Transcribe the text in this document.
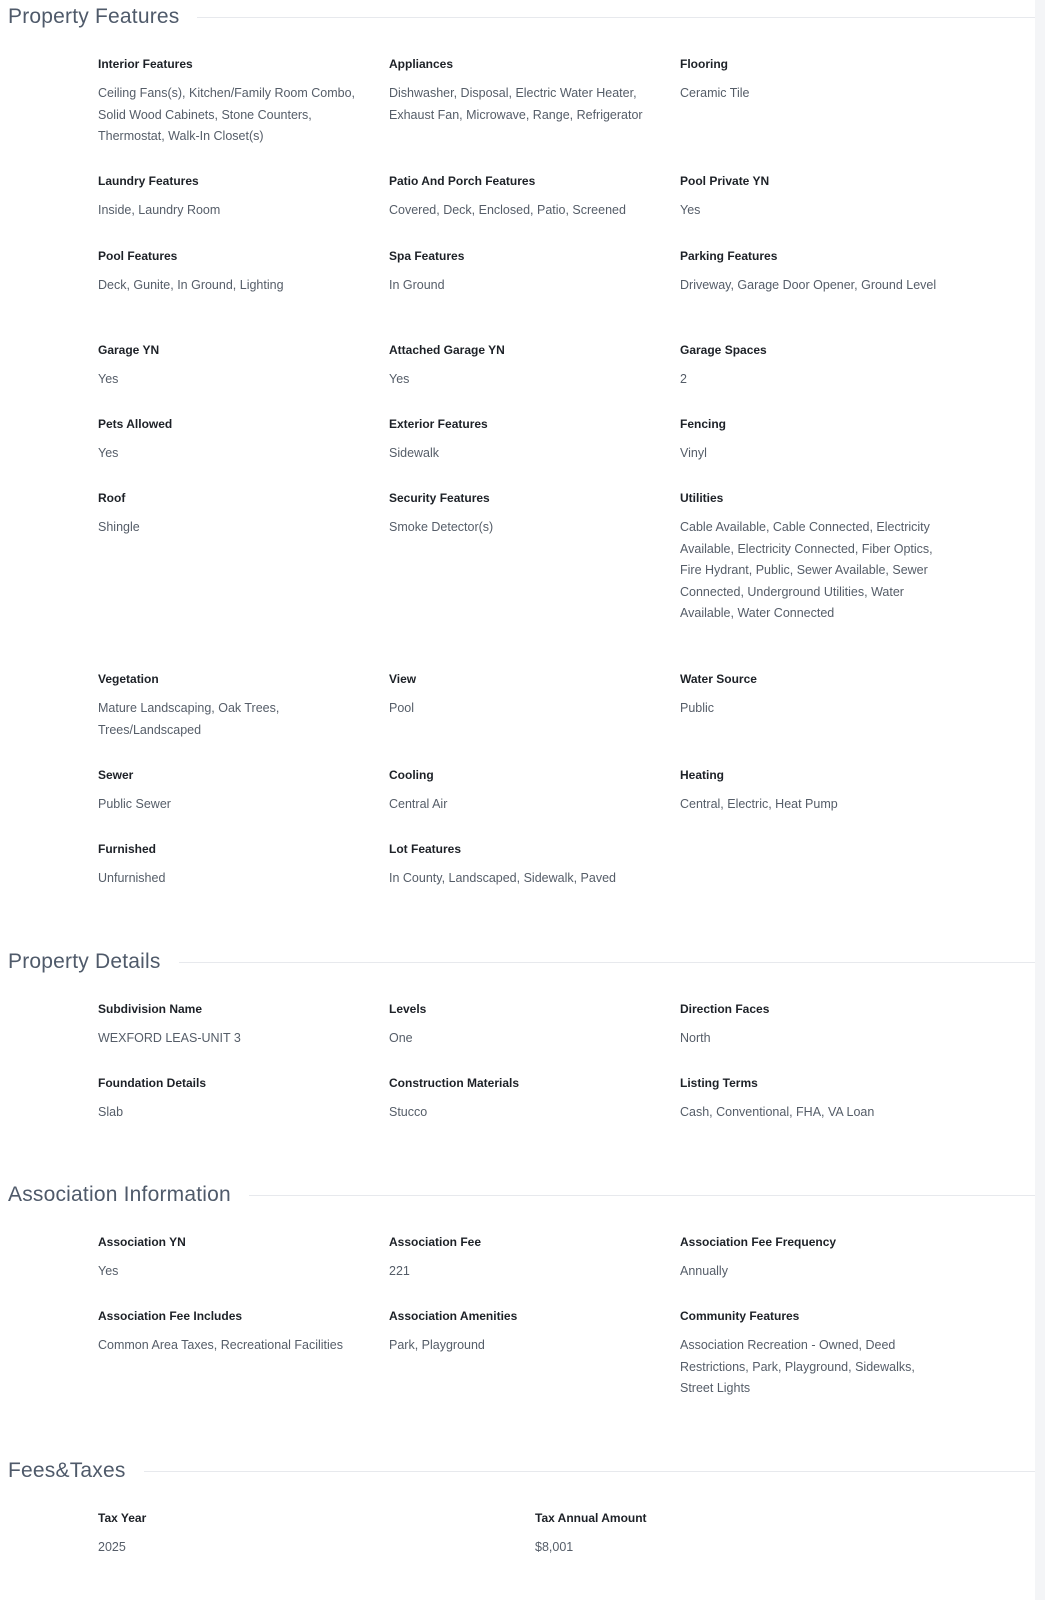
Property Features
Interior Features
Ceiling Fans(s), Kitchen/Family Room Combo, Solid Wood Cabinets, Stone Counters, Thermostat, Walk-In Closet(s)
Appliances
Dishwasher, Disposal, Electric Water Heater, Exhaust Fan, Microwave, Range, Refrigerator
Flooring
Ceramic Tile
Laundry Features
Inside, Laundry Room
Patio And Porch Features
Covered, Deck, Enclosed, Patio, Screened
Pool Private YN
Yes
Pool Features
Deck, Gunite, In Ground, Lighting
Spa Features
In Ground
Parking Features
Driveway, Garage Door Opener, Ground Level
Garage YN
Yes
Attached Garage YN
Yes
Garage Spaces
2
Pets Allowed
Yes
Exterior Features
Sidewalk
Fencing
Vinyl
Roof
Shingle
Security Features
Smoke Detector(s)
Utilities
Cable Available, Cable Connected, Electricity Available, Electricity Connected, Fiber Optics, Fire Hydrant, Public, Sewer Available, Sewer Connected, Underground Utilities, Water Available, Water Connected
Vegetation
Mature Landscaping, Oak Trees, Trees/Landscaped
View
Pool
Water Source
Public
Sewer
Public Sewer
Cooling
Central Air
Heating
Central, Electric, Heat Pump
Furnished
Unfurnished
Lot Features
In County, Landscaped, Sidewalk, Paved
Property Details
Subdivision Name
WEXFORD LEAS-UNIT 3
Levels
One
Direction Faces
North
Foundation Details
Slab
Construction Materials
Stucco
Listing Terms
Cash, Conventional, FHA, VA Loan
Association Information
Association YN
Yes
Association Fee
221
Association Fee Frequency
Annually
Association Fee Includes
Common Area Taxes, Recreational Facilities
Association Amenities
Park, Playground
Community Features
Association Recreation - Owned, Deed Restrictions, Park, Playground, Sidewalks, Street Lights
Fees&Taxes
Tax Year
2025
Tax Annual Amount
$8,001
